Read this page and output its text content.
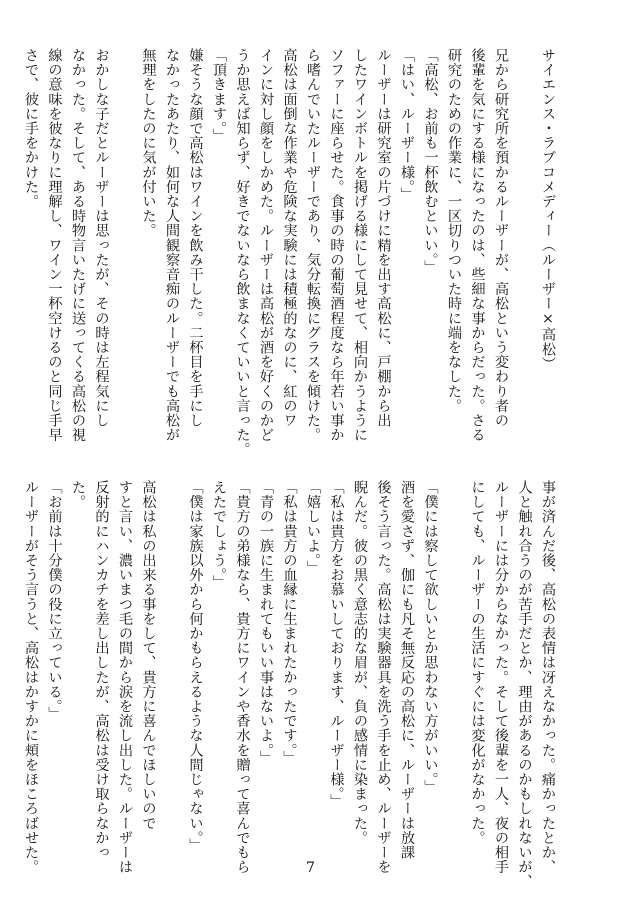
サイエンス・ラブコメディー（ルーザー×高松）
兄から研究所を預かるルーザーが、高松という変わり者の
後輩を気にする様になったのは、些細な事からだった。さる
研究のための作業に、一区切りついた時に端をなした。
「高松、お前も一杯飲むといい。」
「はい、ルーザー様。」
ルーザーは研究室の片づけに精を出す高松に、戸棚から出
したワインボトルを掲げる様にして見せて、相向かうように
ソファーに座らせた。食事の時の葡萄酒程度なら年若い事か
ら嗜んでいたルーザーであり、気分転換にグラスを傾けた。
高松は面倒な作業や危険な実験には積極的なのに、紅のワ
インに対し顔をしかめた。ルーザーは高松が酒を好くのかど
うか思えば知らず、好きでないなら飲まなくていいと言った。
「頂きます。」
嫌そうな顔で高松はワインを飲み干した。二杯目を手にし
なかったあたり、如何な人間観察音痴のルーザーでも高松が
無理をしたのに気が付いた。
おかしな子だとルーザーは思ったが、その時は左程気にし
なかった。そして、ある時物言いたげに送ってくる高松の視
線の意味を彼なりに理解し、ワイン一杯空けるのと同じ手早
さで、彼に手をかけた。
事が済んだ後、高松の表情は冴えなかった。痛かったとか、
人と触れ合うのが苦手だとか、理由があるのかもしれないが、
ルーザーには分からなかった。そして後輩を一人、夜の相手
にしても、ルーザーの生活にすぐには変化がなかった。
「僕には察して欲しいとか思わない方がいい。」
酒を愛さず、伽にも凡そ無反応の高松に、ルーザーは放課
後そう言った。高松は実験器具を洗う手を止め、ルーザーを
睨んだ。彼の黒く意志的な眉が、負の感情に染まった。
「私は貴方をお慕いしております、ルーザー様。」
「嬉しいよ。」
「私は貴方の血縁に生まれたかったです。」
「青の一族に生まれてもいい事はないよ。」
「貴方の弟様なら、貴方にワインや香水を贈って喜んでもら
えたでしょう。」
「僕は家族以外から何かもらえるような人間じゃない。」
高松は私の出来る事をして、貴方に喜んでほしいので
すと言い、濃いまつ毛の間から涙を流し出した。ルーザーは
反射的にハンカチを差し出したが、高松は受け取らなかっ
た。
「お前は十分僕の役に立っている。」
ルーザーがそう言うと、高松はかすかに頬をほころばせた。	7
